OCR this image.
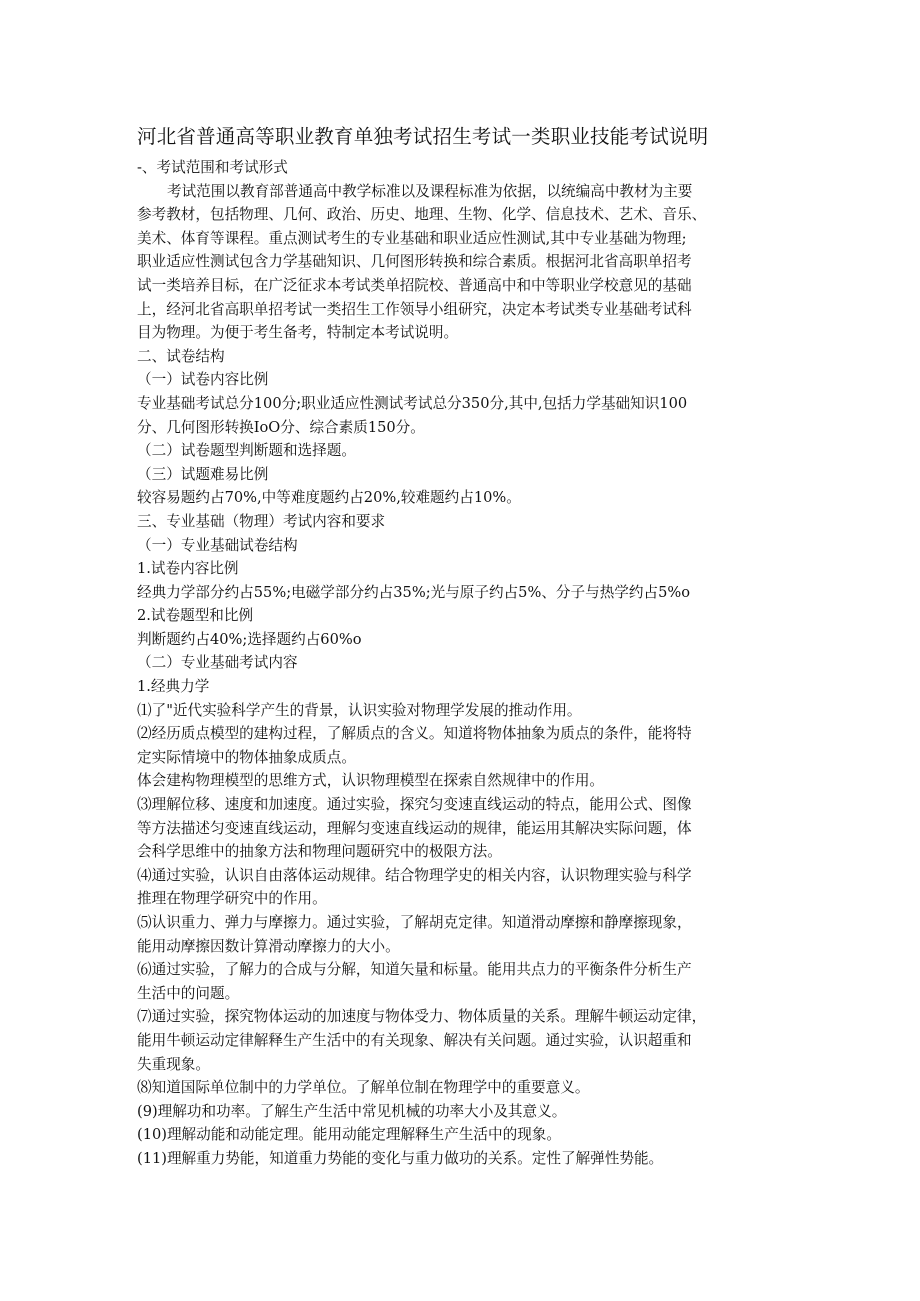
河北省普通高等职业教育单独考试招生考试一类职业技能考试说明

-、考试范围和考试形式

考试范围以教育部普通高中教学标准以及课程标准为依据，以统编高中教材为主要

参考教材，包括物理、几何、政治、历史、地理、生物、化学、信息技术、艺术、音乐、

美术、体育等课程。重点测试考生的专业基础和职业适应性测试,其中专业基础为物理;

职业适应性测试包含力学基础知识、几何图形转换和综合素质。根据河北省高职单招考

试一类培养目标，在广泛征求本考试类单招院校、普通高中和中等职业学校意见的基础

上，经河北省高职单招考试一类招生工作领导小组研究，决定本考试类专业基础考试科

目为物理。为便于考生备考，特制定本考试说明。

二、试卷结构

（一）试卷内容比例

专业基础考试总分100分;职业适应性测试考试总分350分,其中,包括力学基础知识100

分、几何图形转换IoO分、综合素质150分。

（二）试卷题型判断题和选择题。

（三）试题难易比例

较容易题约占70%,中等难度题约占20%,较难题约占10%。

三、专业基础（物理）考试内容和要求

（一）专业基础试卷结构

1.试卷内容比例

经典力学部分约占55%;电磁学部分约占35%;光与原子约占5%、分子与热学约占5%o

2.试卷题型和比例

判断题约占40%;选择题约占60%o

（二）专业基础考试内容

1.经典力学

⑴了"近代实验科学产生的背景，认识实验对物理学发展的推动作用。

⑵经历质点模型的建构过程，了解质点的含义。知道将物体抽象为质点的条件，能将特

定实际情境中的物体抽象成质点。

体会建构物理模型的思维方式，认识物理模型在探索自然规律中的作用。

⑶理解位移、速度和加速度。通过实验，探究匀变速直线运动的特点，能用公式、图像

等方法描述匀变速直线运动，理解匀变速直线运动的规律，能运用其解决实际问题，体

会科学思维中的抽象方法和物理问题研究中的极限方法。

⑷通过实验，认识自由落体运动规律。结合物理学史的相关内容，认识物理实验与科学

推理在物理学研究中的作用。

⑸认识重力、弹力与摩擦力。通过实验，了解胡克定律。知道滑动摩擦和静摩擦现象，

能用动摩擦因数计算滑动摩擦力的大小。

⑹通过实验，了解力的合成与分解，知道矢量和标量。能用共点力的平衡条件分析生产

生活中的问题。

⑺通过实验，探究物体运动的加速度与物体受力、物体质量的关系。理解牛顿运动定律，

能用牛顿运动定律解释生产生活中的有关现象、解决有关问题。通过实验，认识超重和

失重现象。

⑻知道国际单位制中的力学单位。了解单位制在物理学中的重要意义。

(9)理解功和功率。了解生产生活中常见机械的功率大小及其意义。

(10)理解动能和动能定理。能用动能定理解释生产生活中的现象。

(11)理解重力势能，知道重力势能的变化与重力做功的关系。定性了解弹性势能。
